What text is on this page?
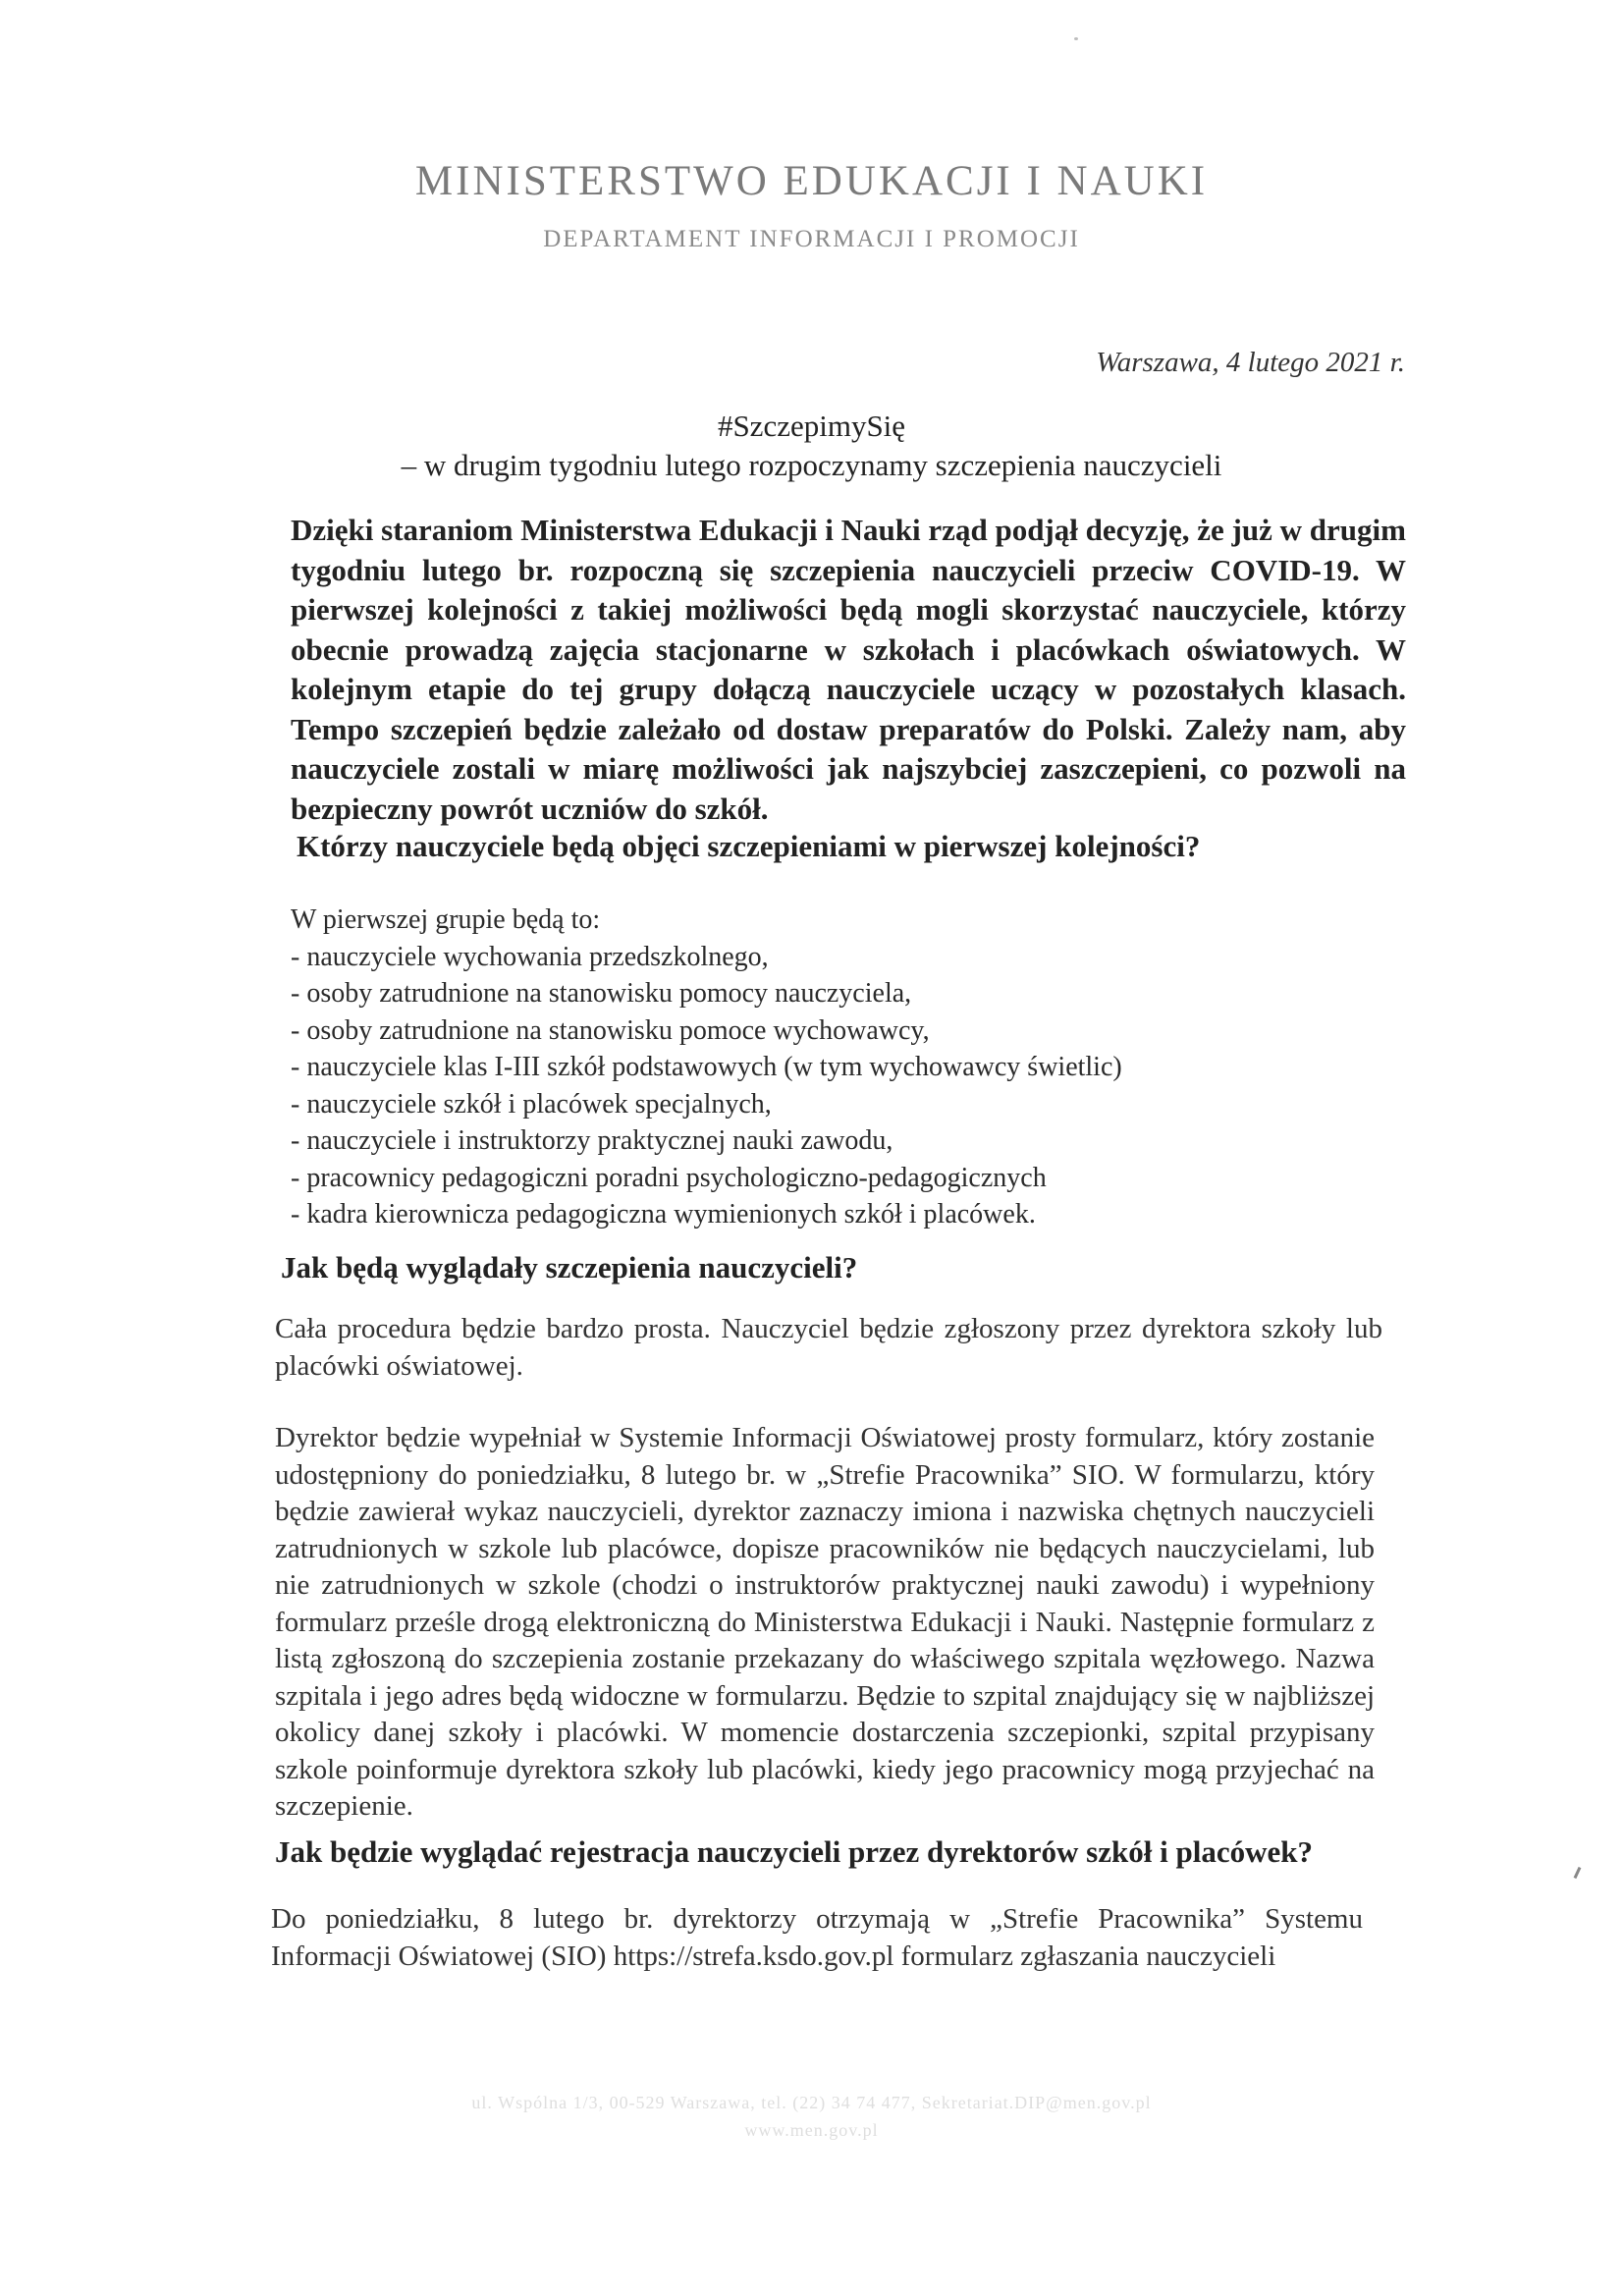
MINISTERSTWO EDUKACJI I NAUKI
DEPARTAMENT INFORMACJI I PROMOCJI
Warszawa, 4 lutego 2021 r.
#SzczepimySię
– w drugim tygodniu lutego rozpoczynamy szczepienia nauczycieli
Dzięki staraniom Ministerstwa Edukacji i Nauki rząd podjął decyzję, że już w drugim tygodniu lutego br. rozpoczną się szczepienia nauczycieli przeciw COVID-19. W pierwszej kolejności z takiej możliwości będą mogli skorzystać nauczyciele, którzy obecnie prowadzą zajęcia stacjonarne w szkołach i placówkach oświatowych. W kolejnym etapie do tej grupy dołączą nauczyciele uczący w pozostałych klasach. Tempo szczepień będzie zależało od dostaw preparatów do Polski. Zależy nam, aby nauczyciele zostali w miarę możliwości jak najszybciej zaszczepieni, co pozwoli na bezpieczny powrót uczniów do szkół.
Którzy nauczyciele będą objęci szczepieniami w pierwszej kolejności?
W pierwszej grupie będą to:
- nauczyciele wychowania przedszkolnego,
- osoby zatrudnione na stanowisku pomocy nauczyciela,
- osoby zatrudnione na stanowisku pomoce wychowawcy,
- nauczyciele klas I-III szkół podstawowych (w tym wychowawcy świetlic)
- nauczyciele szkół i placówek specjalnych,
- nauczyciele i instruktorzy praktycznej nauki zawodu,
- pracownicy pedagogiczni poradni psychologiczno-pedagogicznych
- kadra kierownicza pedagogiczna wymienionych szkół i placówek.
Jak będą wyglądały szczepienia nauczycieli?
Cała procedura będzie bardzo prosta. Nauczyciel będzie zgłoszony przez dyrektora szkoły lub placówki oświatowej.
Dyrektor będzie wypełniał w Systemie Informacji Oświatowej prosty formularz, który zostanie udostępniony do poniedziałku, 8 lutego br. w „Strefie Pracownika” SIO. W formularzu, który będzie zawierał wykaz nauczycieli, dyrektor zaznaczy imiona i nazwiska chętnych nauczycieli zatrudnionych w szkole lub placówce, dopisze pracowników nie będących nauczycielami, lub nie zatrudnionych w szkole (chodzi o instruktorów praktycznej nauki zawodu) i wypełniony formularz prześle drogą elektroniczną do Ministerstwa Edukacji i Nauki. Następnie formularz z listą zgłoszoną do szczepienia zostanie przekazany do właściwego szpitala węzłowego. Nazwa szpitala i jego adres będą widoczne w formularzu. Będzie to szpital znajdujący się w najbliższej okolicy danej szkoły i placówki. W momencie dostarczenia szczepionki, szpital przypisany szkole poinformuje dyrektora szkoły lub placówki, kiedy jego pracownicy mogą przyjechać na szczepienie.
Jak będzie wyglądać rejestracja nauczycieli przez dyrektorów szkół i placówek?
Do poniedziałku, 8 lutego br. dyrektorzy otrzymają w „Strefie Pracownika” Systemu Informacji Oświatowej (SIO) https://strefa.ksdo.gov.pl formularz zgłaszania nauczycieli
ul. Wspólna 1/3, 00-529 Warszawa, tel. (22) 34 74 477, Sekretariat.DIP@men.gov.pl
www.men.gov.pl
